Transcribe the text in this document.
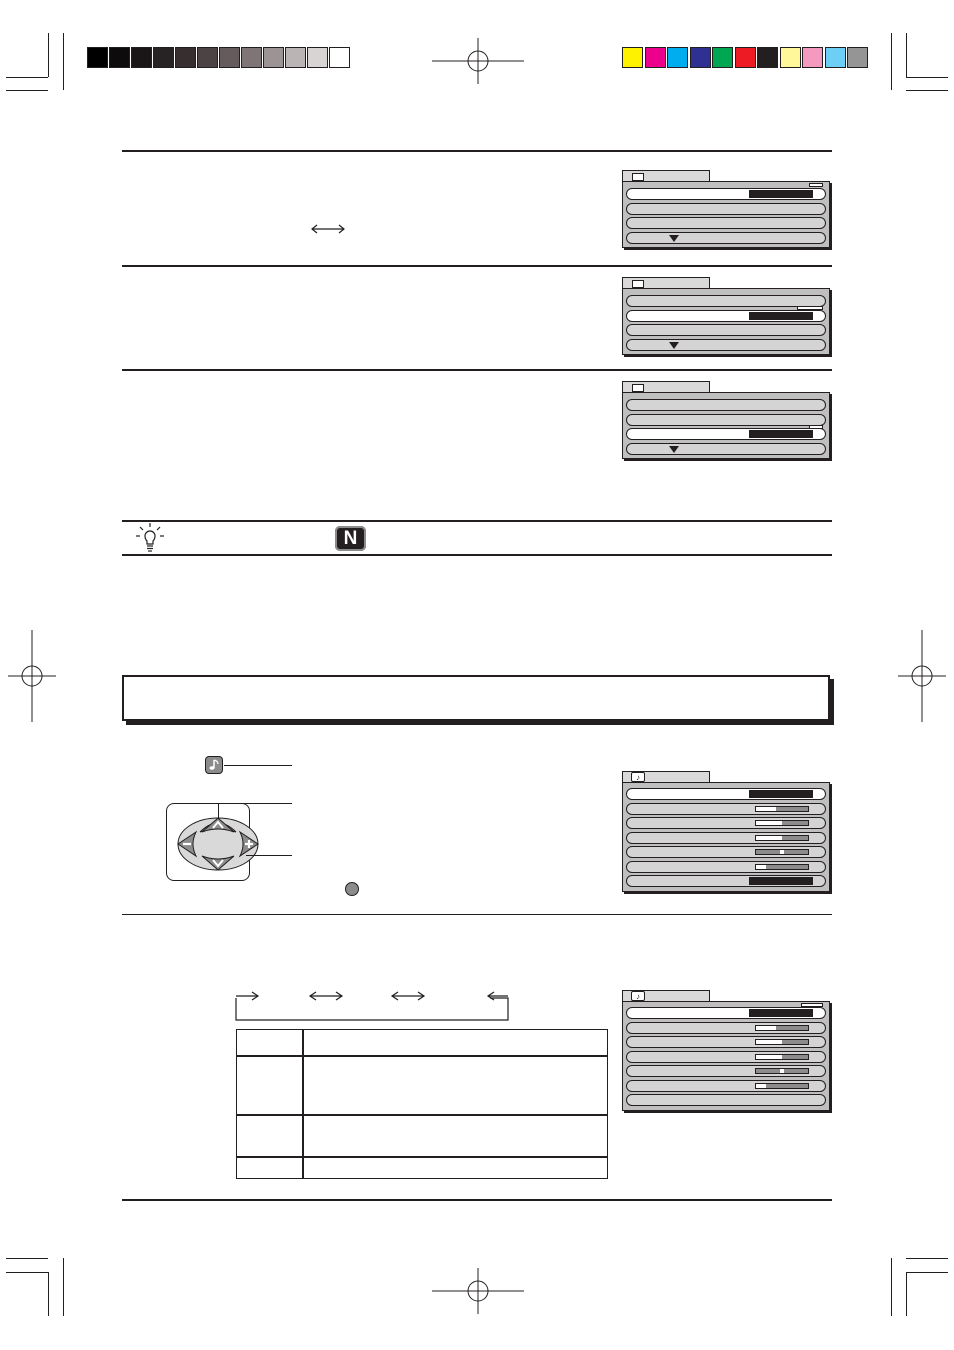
N
♪
♪
